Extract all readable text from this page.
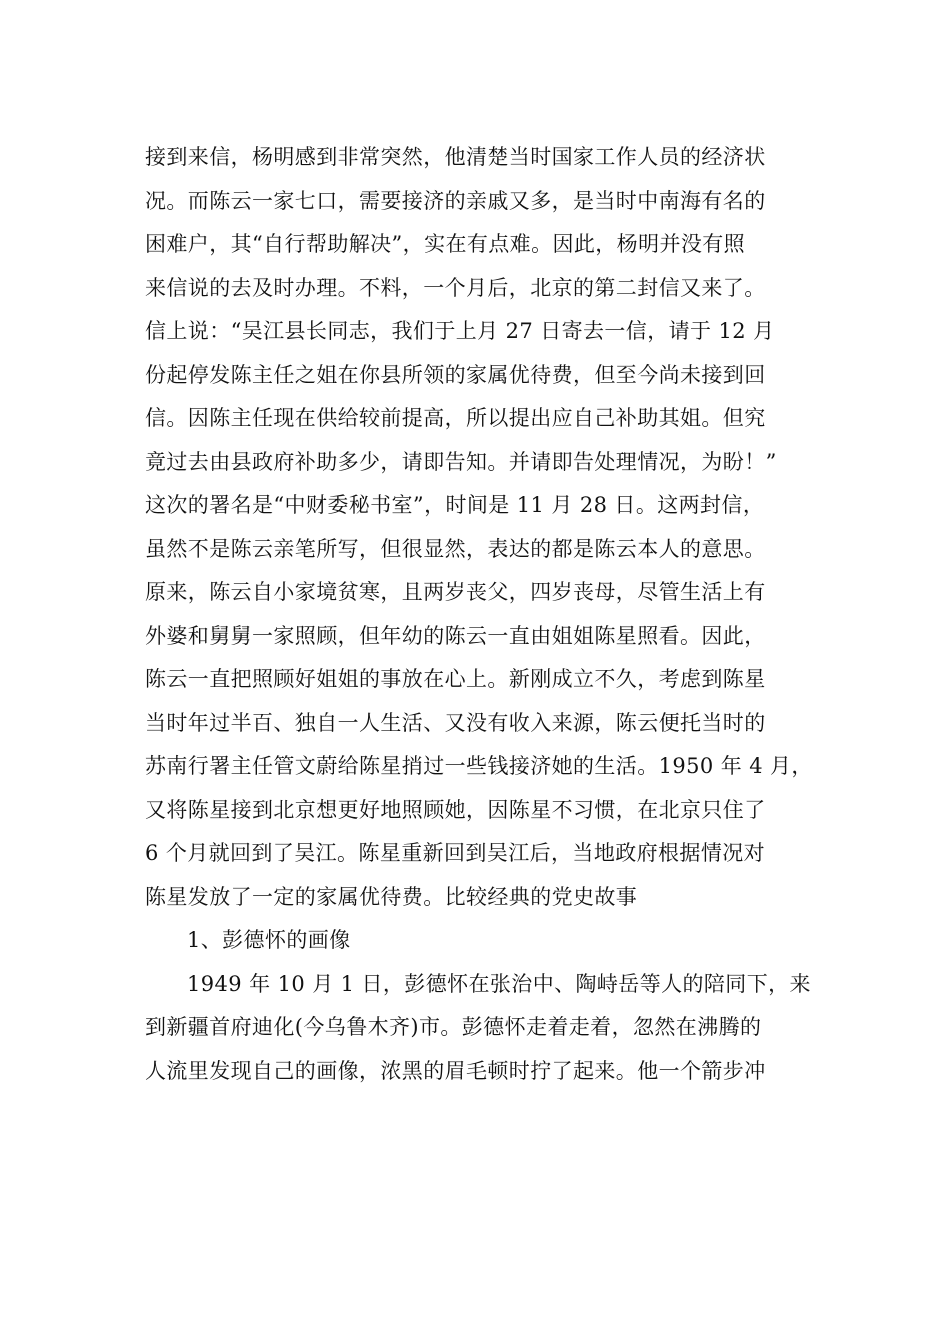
接到来信，杨明感到非常突然，他清楚当时国家工作人员的经济状
况。而陈云一家七口，需要接济的亲戚又多，是当时中南海有名的
困难户，其“自行帮助解决”，实在有点难。因此，杨明并没有照
来信说的去及时办理。不料，一个月后，北京的第二封信又来了。
信上说：“吴江县长同志，我们于上月 27 日寄去一信，请于 12 月
份起停发陈主任之姐在你县所领的家属优待费，但至今尚未接到回
信。因陈主任现在供给较前提高，所以提出应自己补助其姐。但究
竟过去由县政府补助多少，请即告知。并请即告处理情况，为盼！”
这次的署名是“中财委秘书室”，时间是 11 月 28 日。这两封信，
虽然不是陈云亲笔所写，但很显然，表达的都是陈云本人的意思。
原来，陈云自小家境贫寒，且两岁丧父，四岁丧母，尽管生活上有
外婆和舅舅一家照顾，但年幼的陈云一直由姐姐陈星照看。因此，
陈云一直把照顾好姐姐的事放在心上。新刚成立不久，考虑到陈星
当时年过半百、独自一人生活、又没有收入来源，陈云便托当时的
苏南行署主任管文蔚给陈星捎过一些钱接济她的生活。1950 年 4 月，
又将陈星接到北京想更好地照顾她，因陈星不习惯，在北京只住了
6 个月就回到了吴江。陈星重新回到吴江后，当地政府根据情况对
陈星发放了一定的家属优待费。比较经典的党史故事
1、彭德怀的画像
1949 年 10 月 1 日，彭德怀在张治中、陶峙岳等人的陪同下，来
到新疆首府迪化(今乌鲁木齐)市。彭德怀走着走着，忽然在沸腾的
人流里发现自己的画像，浓黑的眉毛顿时拧了起来。他一个箭步冲
